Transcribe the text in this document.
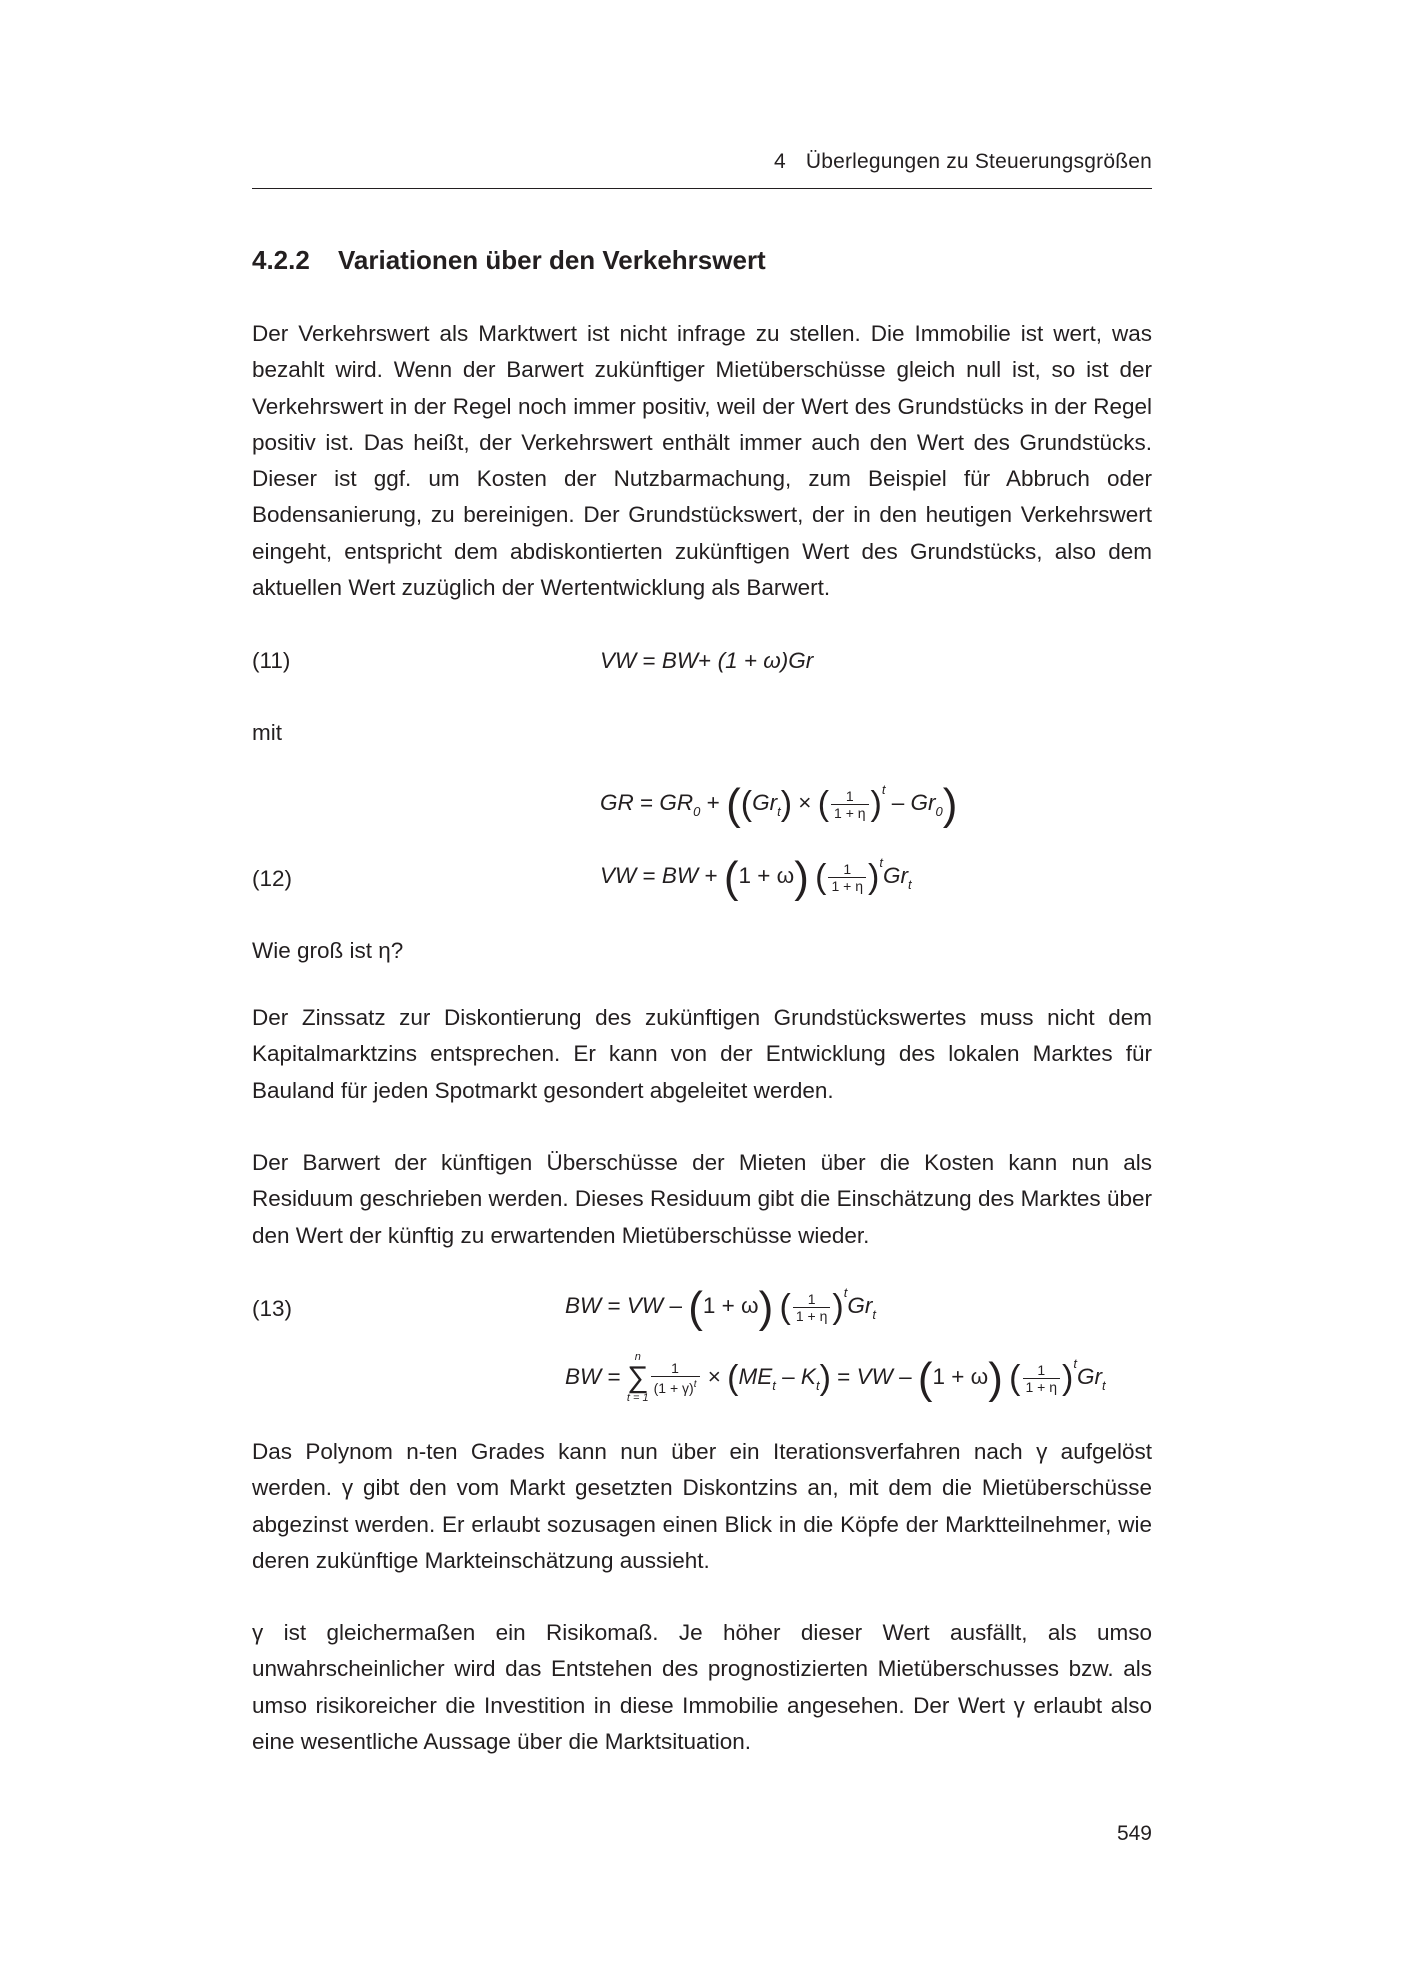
4 Überlegungen zu Steuerungsgrößen
4.2.2 Variationen über den Verkehrswert

Der Verkehrswert als Marktwert ist nicht infrage zu stellen. Die Immobilie ist wert, was bezahlt wird. Wenn der Barwert zukünftiger Mietüberschüsse gleich null ist, so ist der Verkehrswert in der Regel noch immer positiv, weil der Wert des Grundstücks in der Regel positiv ist. Das heißt, der Verkehrswert enthält immer auch den Wert des Grundstücks. Dieser ist ggf. um Kosten der Nutzbarmachung, zum Beispiel für Abbruch oder Bodensanierung, zu bereinigen. Der Grundstückswert, der in den heutigen Verkehrswert eingeht, entspricht dem abdiskontierten zukünftigen Wert des Grundstücks, also dem aktuellen Wert zuzüglich der Wertentwicklung als Barwert.

(11)	VW = BW+ (1 + ω)Gr
mit
GR = $GR_0 + ((Gr_t)$ × ( $\frac{1}{1 + \eta} )^t - Gr_0$)
(12)	VW = BW + (1 + ω) ( $\frac{1}{1 + \eta} )^tGr_t$
Wie groß ist η?

Der Zinssatz zur Diskontierung des zukünftigen Grundstückswertes muss nicht dem Kapitalmarktzins entsprechen. Er kann von der Entwicklung des lokalen Marktes für Bauland für jeden Spotmarkt gesondert abgeleitet werden.

Der Barwert der künftigen Überschüsse der Mieten über die Kosten kann nun als Residuum geschrieben werden. Dieses Residuum gibt die Einschätzung des Marktes über den Wert der künftig zu erwartenden Mietüberschüsse wieder.

(13)	BW = VW – (1 + ω) ( $\frac{1}{1 + \eta} )^tGr_t$
BW =
n
∑
t = 1
$\frac{1}{(1 + \gamma)^t} \times (ME_t - K_t)$ = VW – (1 + ω) ( $\frac{1}{1 + \eta} )^tGr_t$

Das Polynom n-ten Grades kann nun über ein Iterationsverfahren nach γ aufgelöst werden. γ gibt den vom Markt gesetzten Diskontzins an, mit dem die Mietüberschüsse abgezinst werden. Er erlaubt sozusagen einen Blick in die Köpfe der Marktteilnehmer, wie deren zukünftige Markteinschätzung aussieht.

γ ist gleichermaßen ein Risikomaß. Je höher dieser Wert ausfällt, als umso unwahrscheinlicher wird das Entstehen des prognostizierten Mietüberschusses bzw. als umso risikoreicher die Investition in diese Immobilie angesehen. Der Wert γ erlaubt also eine wesentliche Aussage über die Marktsituation.

549
